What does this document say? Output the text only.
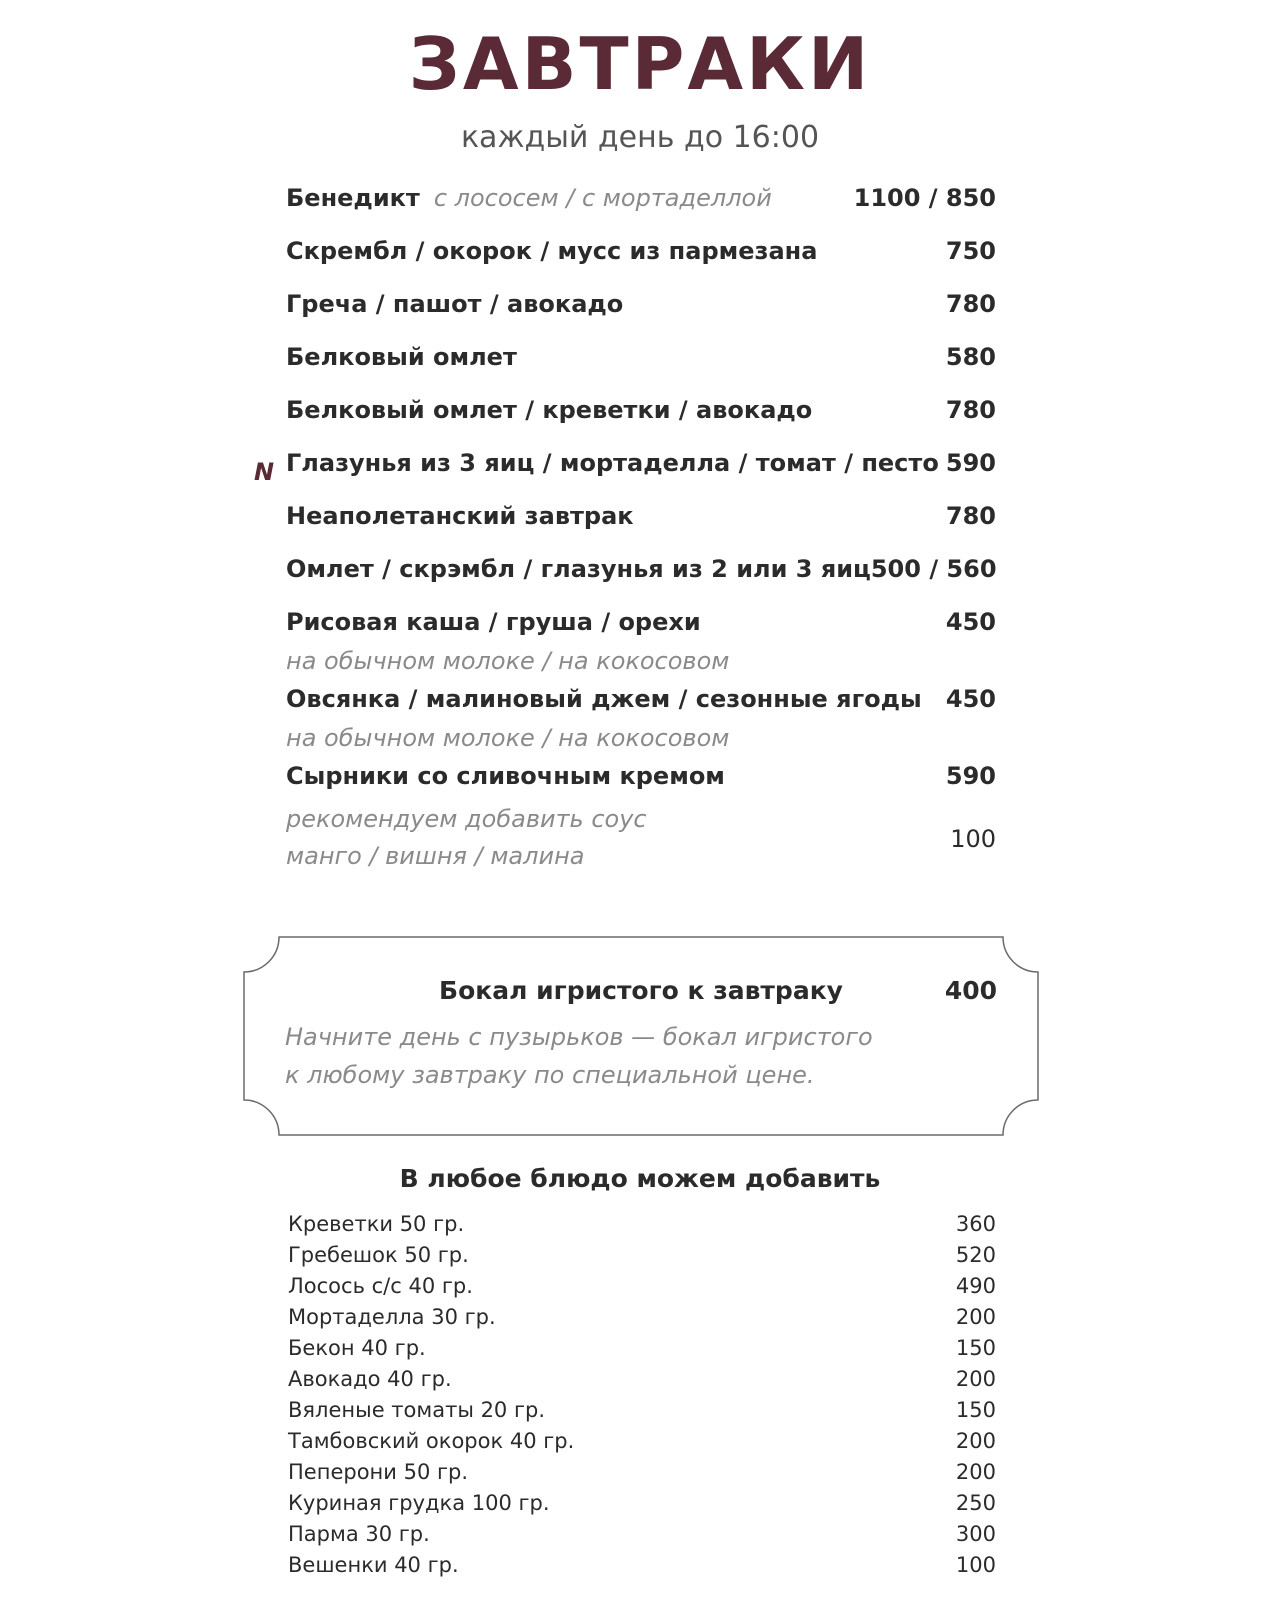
ЗАВТРАКИ
каждый день до 16:00
Бенедикт с лососем / с мортаделлой	1100 / 850
Скрембл / окорок / мусс из пармезана	750
Греча / пашот / авокадо	780
Белковый омлет	580
Белковый омлет / креветки / авокадо	780
N Глазунья из 3 яиц / мортаделла / томат / песто 590
Неаполетанский завтрак	780
Омлет / скрэмбл / глазунья из 2 или 3 яиц 500 / 560
Рисовая каша / груша / орехи	450
на обычном молоке / на кокосовом
Овсянка / малиновый джем / сезонные ягоды 450
на обычном молоке / на кокосовом
Сырники со сливочным кремом	590
рекомендуем добавить соус
манго / вишня / малина
100
Бокал игристого к завтраку	400
Начните день с пузырьков — бокал игристого
к любому завтраку по специальной цене.
В любое блюдо можем добавить
Креветки 50 гр.	360
Гребешок 50 гр.	520
Лосось с/с 40 гр.	490
Мортаделла 30 гр.	200
Бекон 40 гр.	150
Авокадо 40 гр.	200
Вяленые томаты 20 гр.	150
Тамбовский окорок 40 гр.	200
Пеперони 50 гр.	200
Куриная грудка 100 гр.	250
Парма 30 гр.	300
Вешенки 40 гр.	100
